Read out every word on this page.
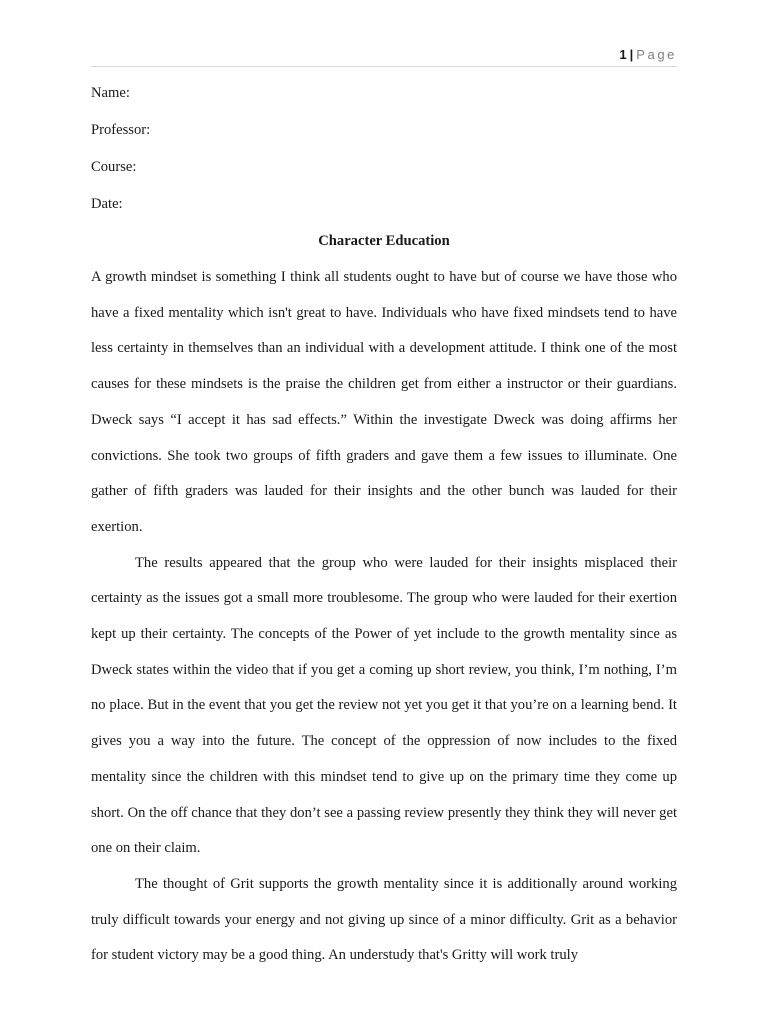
1 | Page

Name:

Professor:

Course:

Date:

Character Education

A growth mindset is something I think all students ought to have but of course we have those who have a fixed mentality which isn't great to have. Individuals who have fixed mindsets tend to have less certainty in themselves than an individual with a development attitude. I think one of the most causes for these mindsets is the praise the children get from either a instructor or their guardians. Dweck says “I accept it has sad effects.” Within the investigate Dweck was doing affirms her convictions. She took two groups of fifth graders and gave them a few issues to illuminate. One gather of fifth graders was lauded for their insights and the other bunch was lauded for their exertion.

The results appeared that the group who were lauded for their insights misplaced their certainty as the issues got a small more troublesome. The group who were lauded for their exertion kept up their certainty. The concepts of the Power of yet include to the growth mentality since as Dweck states within the video that if you get a coming up short review, you think, I’m nothing, I’m no place. But in the event that you get the review not yet you get it that you’re on a learning bend. It gives you a way into the future. The concept of the oppression of now includes to the fixed mentality since the children with this mindset tend to give up on the primary time they come up short. On the off chance that they don’t see a passing review presently they think they will never get one on their claim.

The thought of Grit supports the growth mentality since it is additionally around working truly difficult towards your energy and not giving up since of a minor difficulty. Grit as a behavior for student victory may be a good thing. An understudy that's Gritty will work truly
